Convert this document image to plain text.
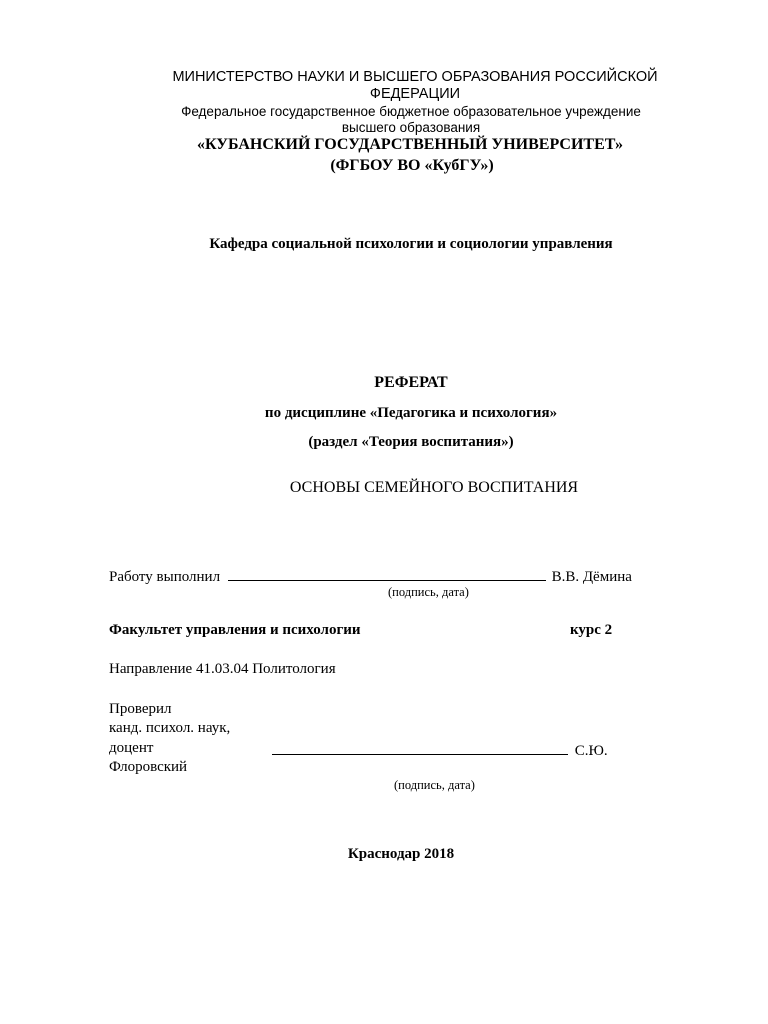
МИНИСТЕРСТВО НАУКИ И ВЫСШЕГО ОБРАЗОВАНИЯ РОССИЙСКОЙ
ФЕДЕРАЦИИ
Федеральное государственное бюджетное образовательное учреждение
высшего образования
«КУБАНСКИЙ ГОСУДАРСТВЕННЫЙ УНИВЕРСИТЕТ»
(ФГБОУ ВО «КубГУ»)
Кафедра социальной психологии и социологии управления
РЕФЕРАТ
по дисциплине «Педагогика и психология»
(раздел «Теория воспитания»)
ОСНОВЫ СЕМЕЙНОГО ВОСПИТАНИЯ
Работу выполнил	В.В. Дёмина
(подпись, дата)
Факультет управления и психологии	курс 2
Направление 41.03.04 Политология
Проверил
канд. психол. наук,
доцент	С.Ю.
Флоровский
(подпись, дата)
Краснодар 2018
